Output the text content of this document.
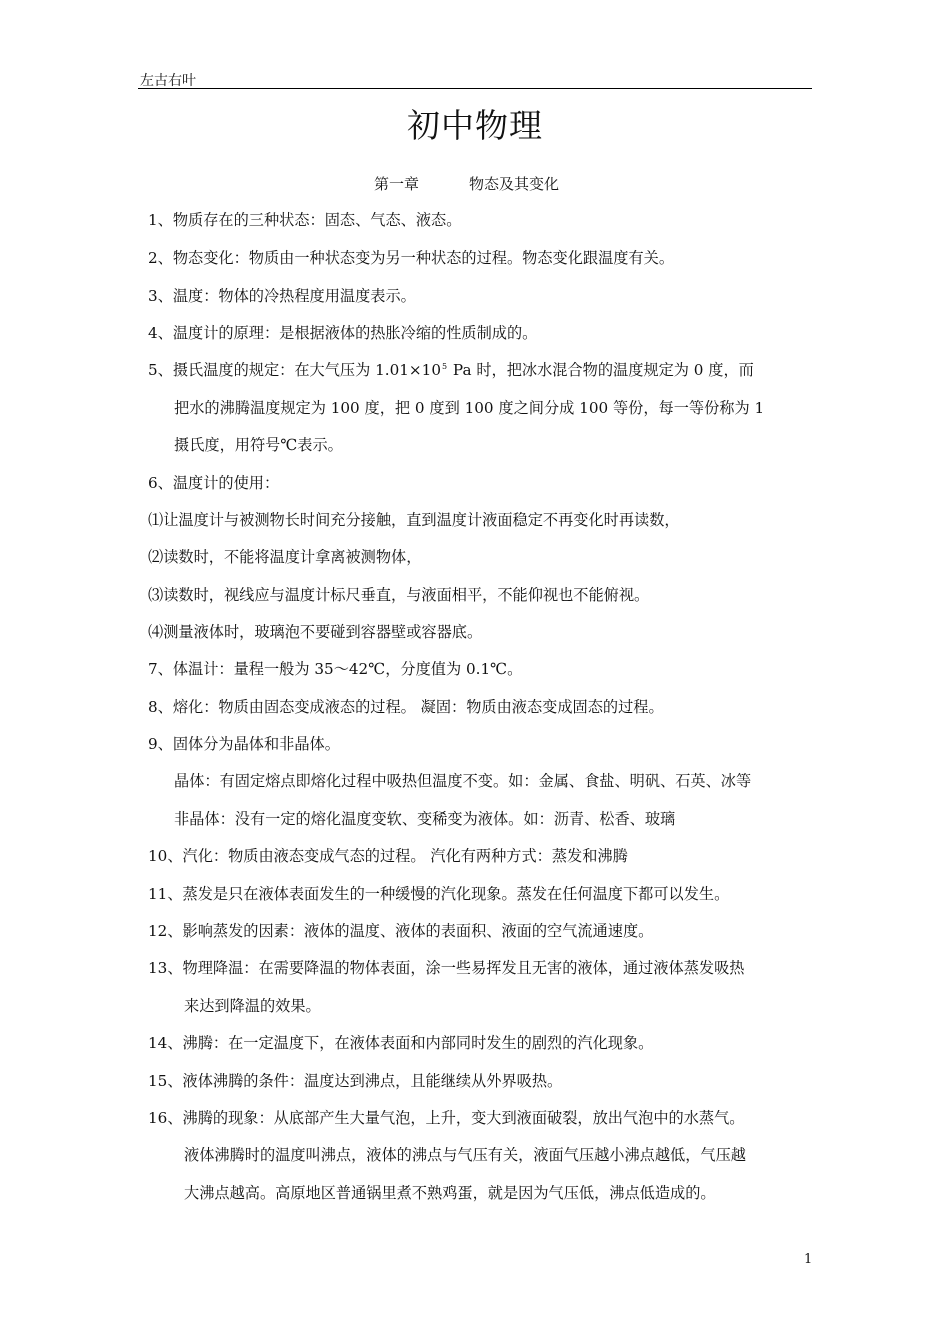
左古右叶
初中物理
第一章	物态及其变化
1、物质存在的三种状态：固态、气态、液态。
2、物态变化：物质由一种状态变为另一种状态的过程。物态变化跟温度有关。
3、温度：物体的冷热程度用温度表示。
4、温度计的原理：是根据液体的热胀冷缩的性质制成的。
5、摄氏温度的规定：在大气压为 $1.01\times 10^5$ Pa 时，把冰水混合物的温度规定为 0 度，而
把水的沸腾温度规定为 100 度，把 0 度到 100 度之间分成 100 等份，每一等份称为 1
摄氏度，用符号℃表示。
6、温度计的使用：
⑴让温度计与被测物长时间充分接触，直到温度计液面稳定不再变化时再读数，
⑵读数时，不能将温度计拿离被测物体，
⑶读数时，视线应与温度计标尺垂直，与液面相平，不能仰视也不能俯视。
⑷测量液体时，玻璃泡不要碰到容器壁或容器底。
7、体温计：量程一般为 35～42℃，分度值为 0.1℃。
8、熔化：物质由固态变成液态的过程。 凝固：物质由液态变成固态的过程。
9、固体分为晶体和非晶体。
晶体：有固定熔点即熔化过程中吸热但温度不变。如：金属、食盐、明矾、石英、冰等
非晶体：没有一定的熔化温度变软、变稀变为液体。如：沥青、松香、玻璃
10、汽化：物质由液态变成气态的过程。 汽化有两种方式：蒸发和沸腾
11、蒸发是只在液体表面发生的一种缓慢的汽化现象。蒸发在任何温度下都可以发生。
12、影响蒸发的因素：液体的温度、液体的表面积、液面的空气流通速度。
13、物理降温：在需要降温的物体表面，涂一些易挥发且无害的液体，通过液体蒸发吸热
来达到降温的效果。
14、沸腾：在一定温度下，在液体表面和内部同时发生的剧烈的汽化现象。
15、液体沸腾的条件：温度达到沸点，且能继续从外界吸热。
16、沸腾的现象：从底部产生大量气泡，上升，变大到液面破裂，放出气泡中的水蒸气。
液体沸腾时的温度叫沸点，液体的沸点与气压有关，液面气压越小沸点越低，气压越
大沸点越高。高原地区普通锅里煮不熟鸡蛋，就是因为气压低，沸点低造成的。
1
